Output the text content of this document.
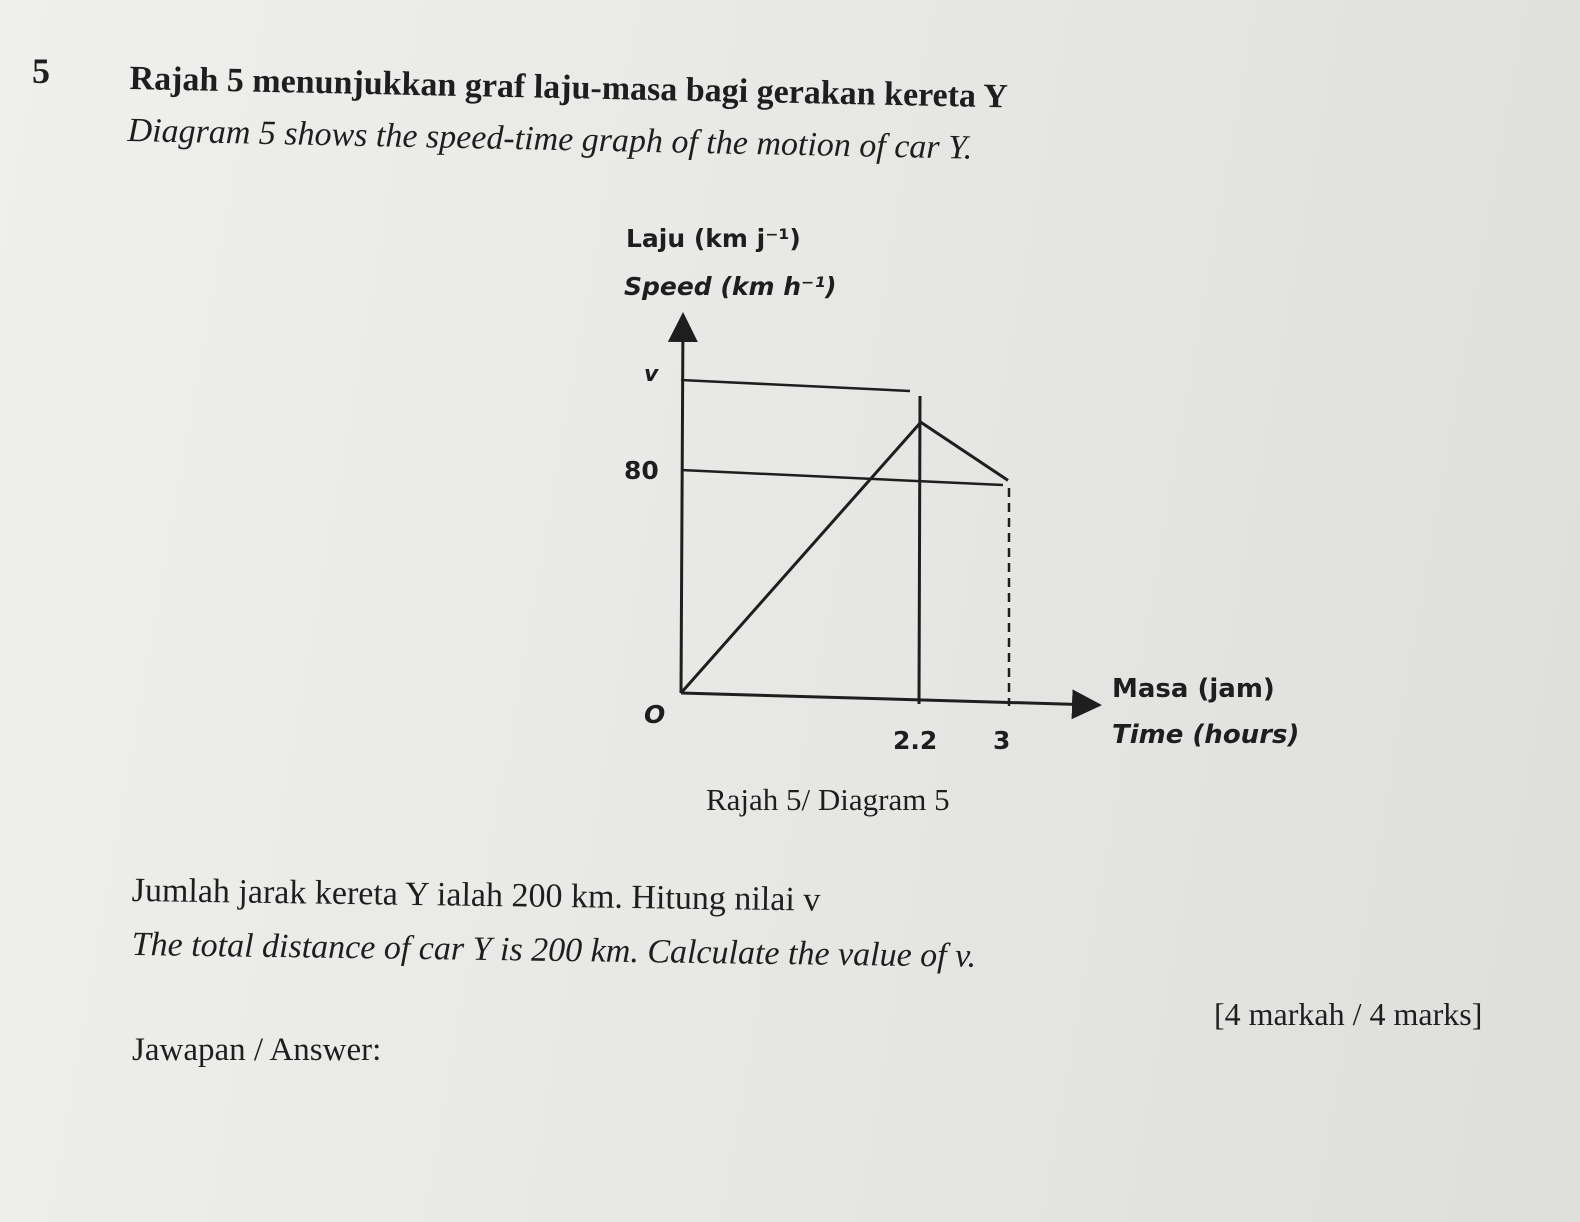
5 Rajah 5 menunjukkan graf laju-masa bagi gerakan kereta Y
Diagram 5 shows the speed-time graph of the motion of car Y.
Laju (km j⁻¹)
Speed (km h⁻¹)
v
80
O
2.2 3
Masa (jam)
Time (hours)
Rajah 5/ Diagram 5
Jumlah jarak kereta Y ialah 200 km. Hitung nilai v
The total distance of car Y is 200 km. Calculate the value of v.
[4 markah / 4 marks]
Jawapan / Answer:
